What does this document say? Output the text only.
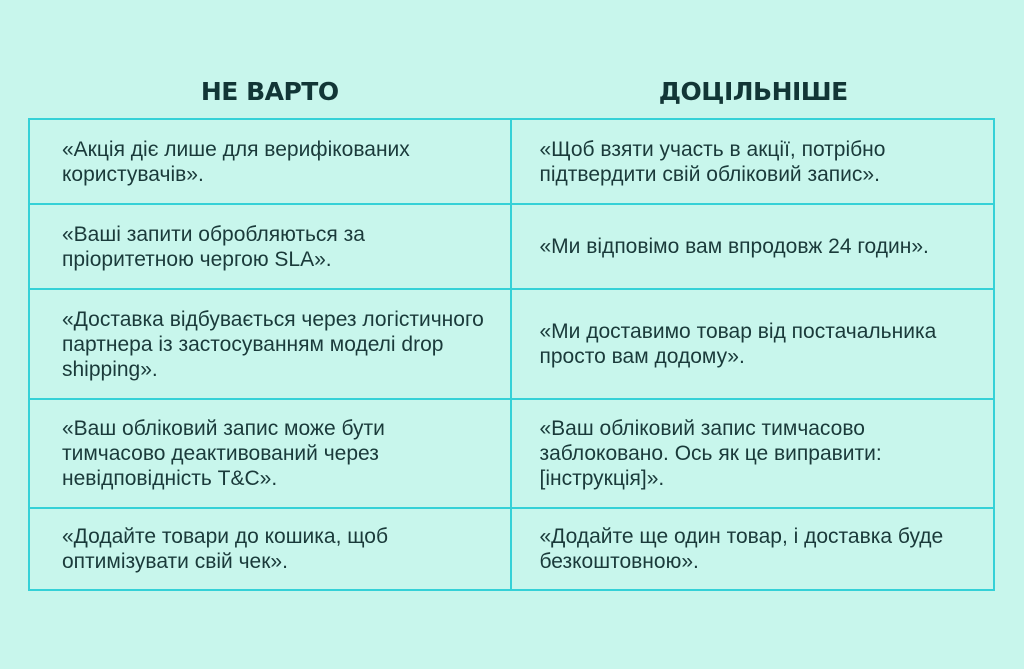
НЕ ВАРТО	ДОЦІЛЬНІШЕ
«Акція діє лише для верифікованих користувачів».
«Щоб взяти участь в акції, потрібно підтвердити свій обліковий запис».
«Ваші запити обробляються за пріоритетною чергою SLA».
«Ми відповімо вам впродовж 24 годин».
«Доставка відбувається через логістичного партнера із застосуванням моделі drop shipping».
«Ми доставимо товар від постачальника просто вам додому».
«Ваш обліковий запис може бути тимчасово деактивований через невідповідність T&C».
«Ваш обліковий запис тимчасово заблоковано. Ось як це виправити: [інструкція]».
«Додайте товари до кошика, щоб оптимізувати свій чек».
«Додайте ще один товар, і доставка буде безкоштовною».
